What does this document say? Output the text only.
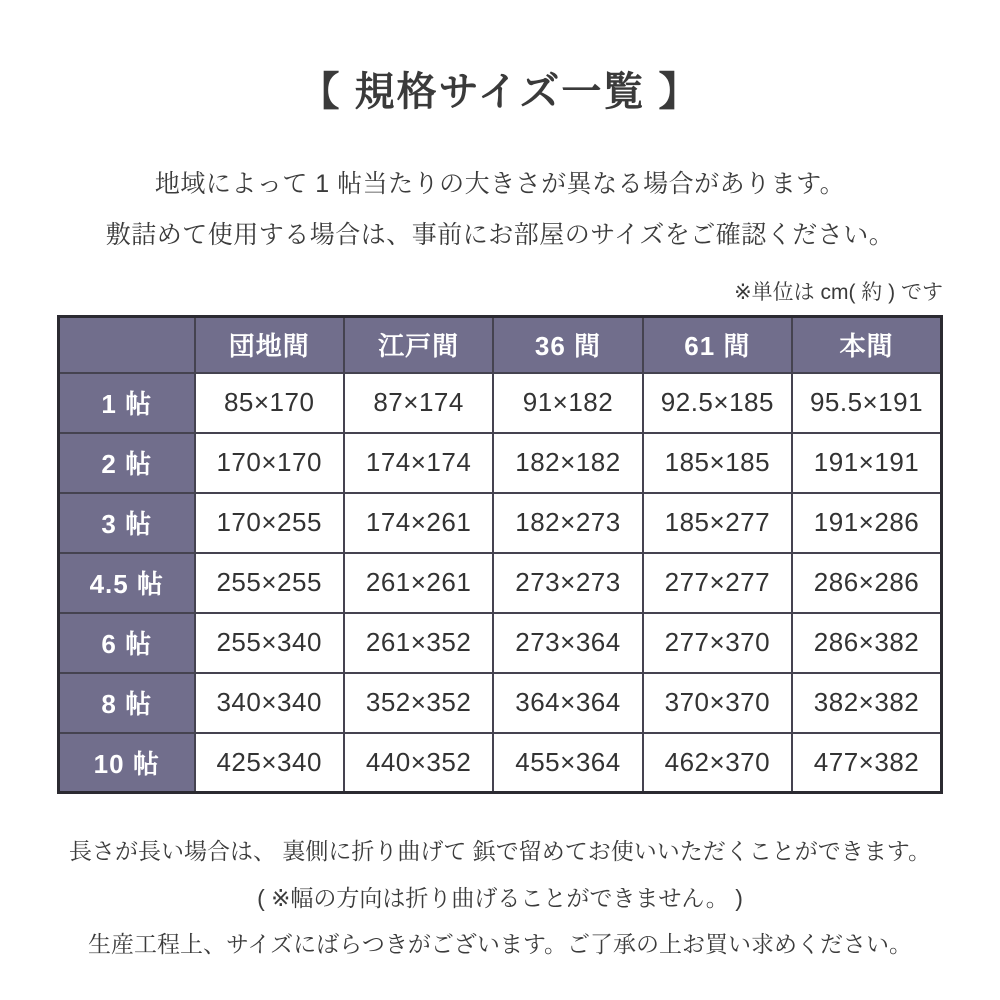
【 規格サイズ一覧 】

地域によって 1 帖当たりの大きさが異なる場合があります。

敷詰めて使用する場合は、事前にお部屋のサイズをご確認ください。

※単位は cm( 約 ) です
	団地間	江戸間	36 間	61 間	本間
1 帖	85×170	87×174	91×182	92.5×185	95.5×191
2 帖	170×170	174×174	182×182	185×185	191×191
3 帖	170×255	174×261	182×273	185×277	191×286
4.5 帖	255×255	261×261	273×273	277×277	286×286
6 帖	255×340	261×352	273×364	277×370	286×382
8 帖	340×340	352×352	364×364	370×370	382×382
10 帖	425×340	440×352	455×364	462×370	477×382

長さが長い場合は、 裏側に折り曲げて 鋲で留めてお使いいただくことができます。

( ※幅の方向は折り曲げることができません。 )

生産工程上、サイズにばらつきがございます。ご了承の上お買い求めください。
